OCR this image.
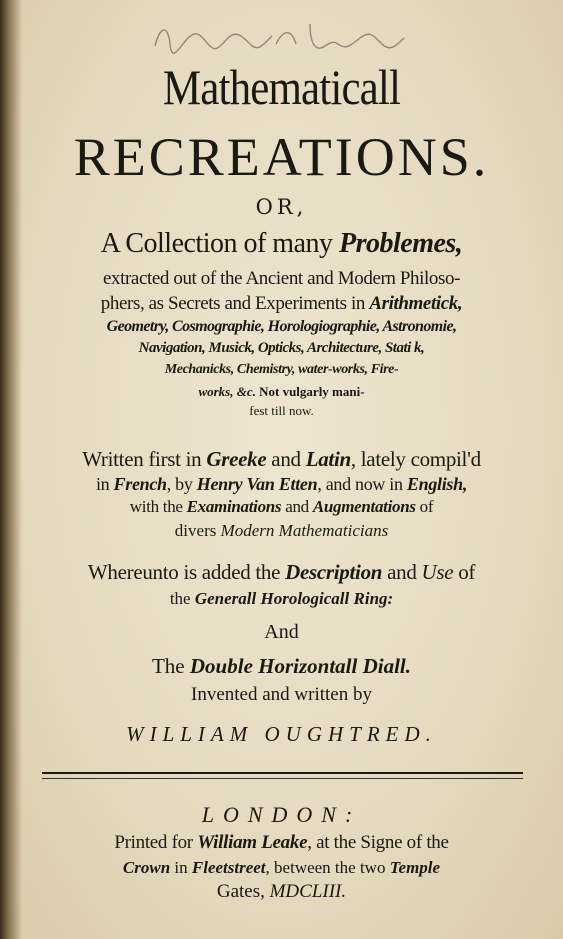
Mathematicall
RECREATIONS.
OR,
A Collection of many Problemes,
extracted out of the Ancient and Modern Philoso-
phers, as Secrets and Experiments in Arithmetick,
Geometry, Cosmographie, Horologiographie, Astronomie,
Navigation, Musick, Opticks, Architecture, Stati k,
Mechanicks, Chemistry, water-works, Fire-
works, &c. Not vulgarly mani-
fest till now.
Written first in Greeke and Latin, lately compil'd
in French, by Henry Van Etten, and now in English,
with the Examinations and Augmentations of
divers Modern Mathematicians
Whereunto is added the Description and Use of
the Generall Horologicall Ring:
And
The Double Horizontall Diall.
Invented and written by
WILLIAM OUGHTRED.
LONDON:
Printed for William Leake, at the Signe of the
Crown in Fleetstreet, between the two Temple
Gates, MDCLIII.
